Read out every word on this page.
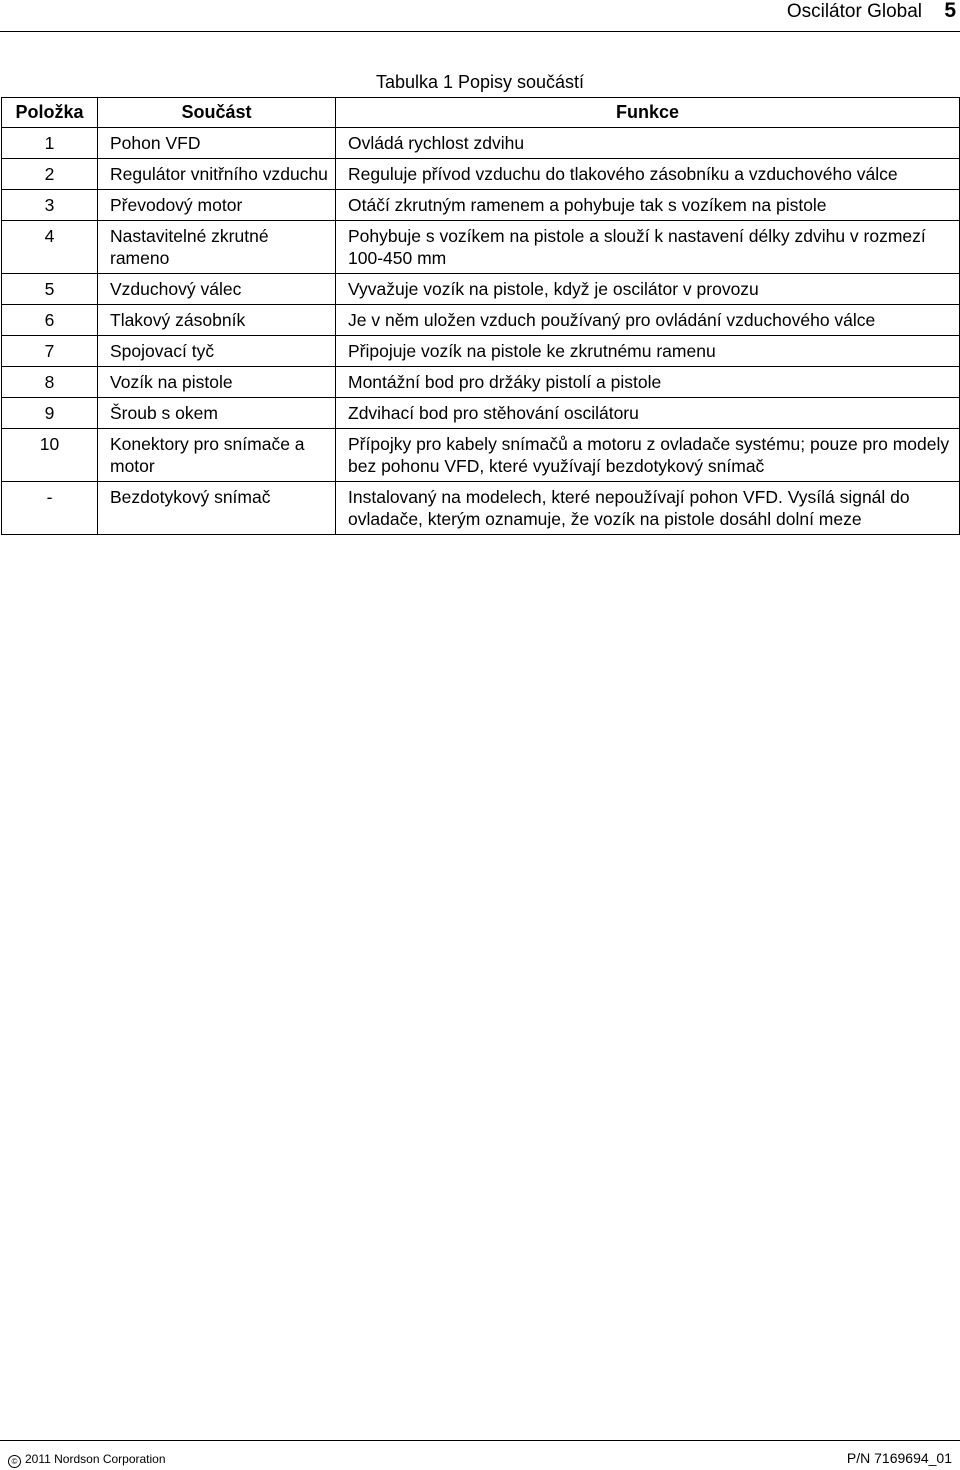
Oscilátor Global 5
Tabulka 1 Popisy součástí
Položka	Součást	Funkce
1	Pohon VFD	Ovládá rychlost zdvihu
2	Regulátor vnitřního vzduchu	Reguluje přívod vzduchu do tlakového zásobníku a vzduchového válce
3	Převodový motor	Otáčí zkrutným ramenem a pohybuje tak s vozíkem na pistole
4	Nastavitelné zkrutné rameno	Pohybuje s vozíkem na pistole a slouží k nastavení délky zdvihu v rozmezí 100-450 mm
5	Vzduchový válec	Vyvažuje vozík na pistole, když je oscilátor v provozu
6	Tlakový zásobník	Je v něm uložen vzduch používaný pro ovládání vzduchového válce
7	Spojovací tyč	Připojuje vozík na pistole ke zkrutnému ramenu
8	Vozík na pistole	Montážní bod pro držáky pistolí a pistole
9	Šroub s okem	Zdvihací bod pro stěhování oscilátoru
10	Konektory pro snímače a motor	Přípojky pro kabely snímačů a motoru z ovladače systému; pouze pro modely bez pohonu VFD, které využívají bezdotykový snímač
-	Bezdotykový snímač	Instalovaný na modelech, které nepoužívají pohon VFD. Vysílá signál do ovladače, kterým oznamuje, že vozík na pistole dosáhl dolní meze
© 2011 Nordson Corporation	P/N 7169694_01
